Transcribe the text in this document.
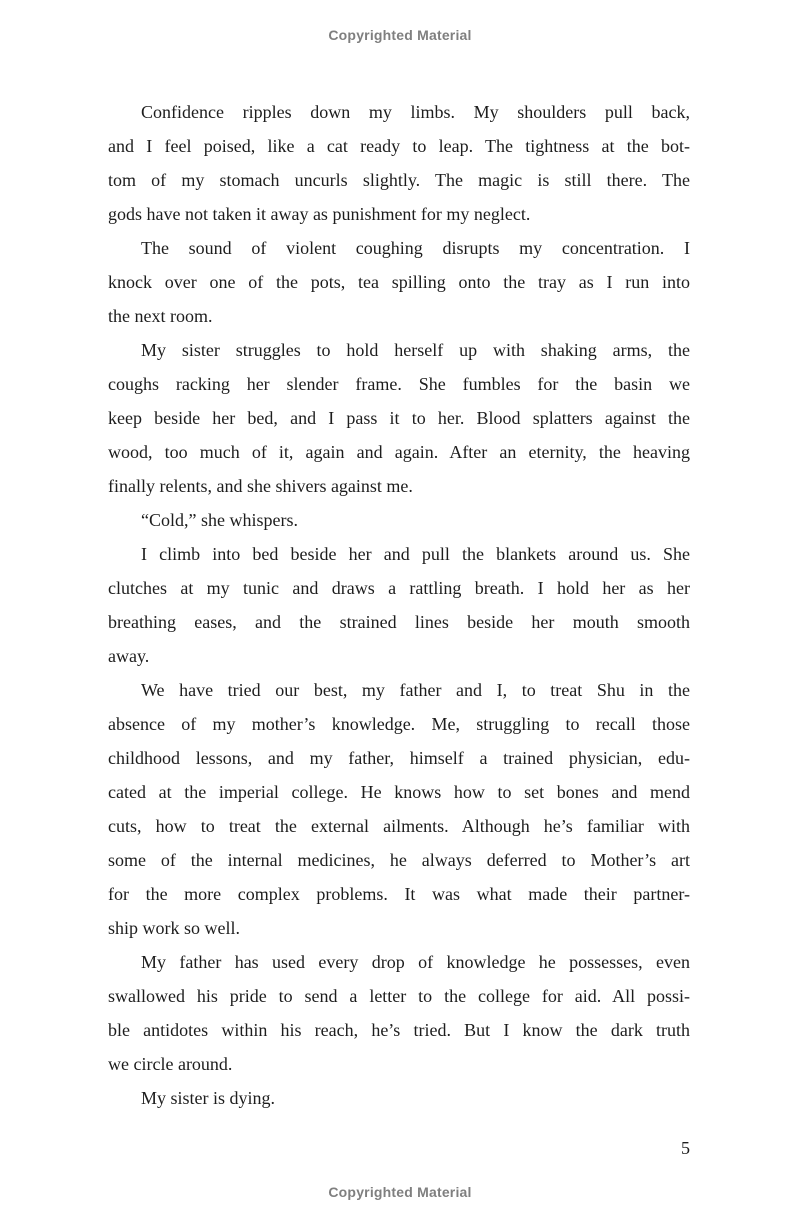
Copyrighted Material

Confidence ripples down my limbs. My shoulders pull back,
and I feel poised, like a cat ready to leap. The tightness at the bot-
tom of my stomach uncurls slightly. The magic is still there. The
gods have not taken it away as punishment for my neglect.

The sound of violent coughing disrupts my concentration. I
knock over one of the pots, tea spilling onto the tray as I run into
the next room.

My sister struggles to hold herself up with shaking arms, the
coughs racking her slender frame. She fumbles for the basin we
keep beside her bed, and I pass it to her. Blood splatters against the
wood, too much of it, again and again. After an eternity, the heaving
finally relents, and she shivers against me.

“Cold,” she whispers.

I climb into bed beside her and pull the blankets around us. She
clutches at my tunic and draws a rattling breath. I hold her as her
breathing eases, and the strained lines beside her mouth smooth
away.

We have tried our best, my father and I, to treat Shu in the
absence of my mother’s knowledge. Me, struggling to recall those
childhood lessons, and my father, himself a trained physician, edu-
cated at the imperial college. He knows how to set bones and mend
cuts, how to treat the external ailments. Although he’s familiar with
some of the internal medicines, he always deferred to Mother’s art
for the more complex problems. It was what made their partner-
ship work so well.

My father has used every drop of knowledge he possesses, even
swallowed his pride to send a letter to the college for aid. All possi-
ble antidotes within his reach, he’s tried. But I know the dark truth
we circle around.

My sister is dying.

5
Copyrighted Material
